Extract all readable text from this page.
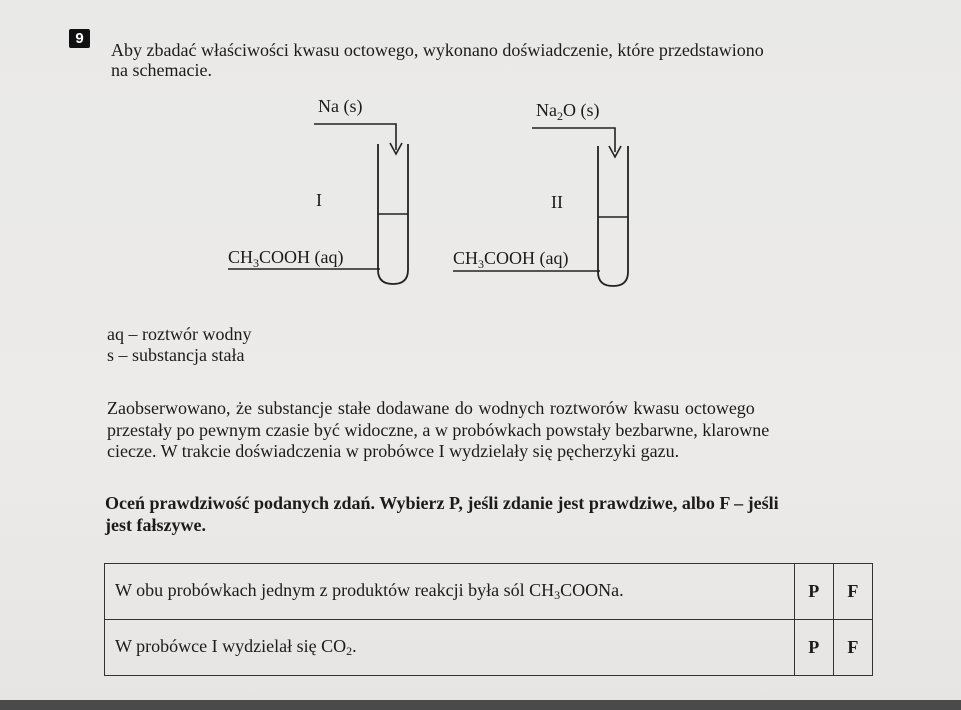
9
Aby zbadać właściwości kwasu octowego, wykonano doświadczenie, które przedstawiono
na schemacie.
Na (s)
I
$CH_3COOH$ (aq)
$Na_2O$ (s)
II
$CH_3COOH$ (aq)
aq – roztwór wodny
s – substancja stała
Zaobserwowano, że substancje stałe dodawane do wodnych roztworów kwasu octowego
przestały po pewnym czasie być widoczne, a w probówkach powstały bezbarwne, klarowne
ciecze. W trakcie doświadczenia w probówce I wydzielały się pęcherzyki gazu.
Oceń prawdziwość podanych zdań. Wybierz P, jeśli zdanie jest prawdziwe, albo F – jeśli
jest fałszywe.
W obu probówkach jednym z produktów reakcji była sól $CH_3COONa$.	P	F
W probówce I wydzielał się $CO_2$.	P	F
